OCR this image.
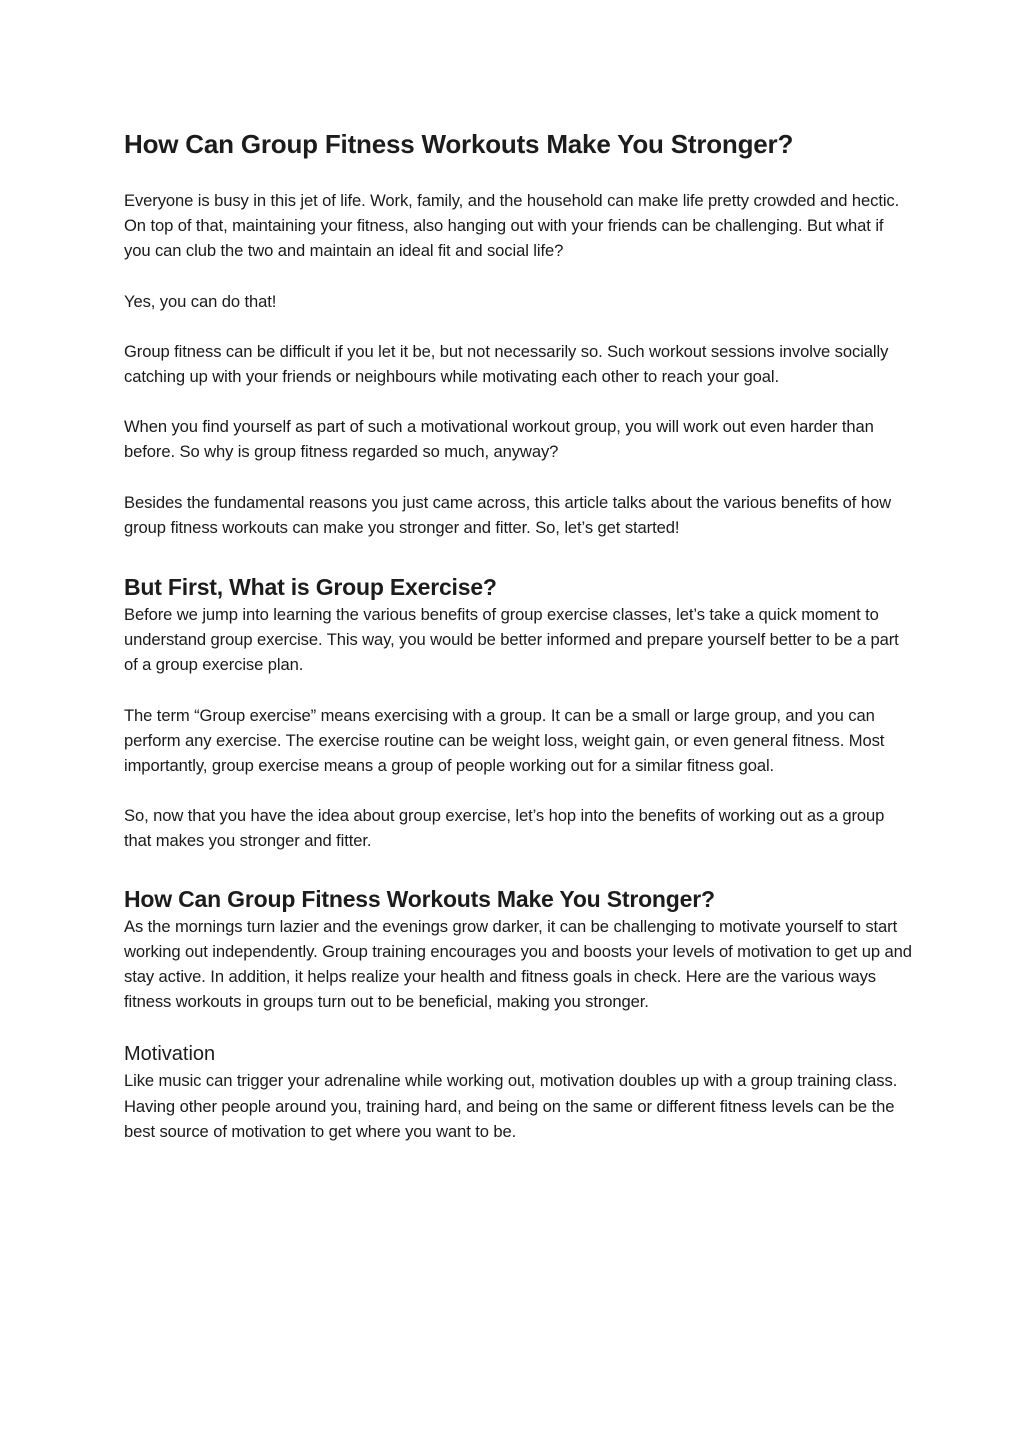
How Can Group Fitness Workouts Make You Stronger?

Everyone is busy in this jet of life. Work, family, and the household can make life pretty crowded and hectic. On top of that, maintaining your fitness, also hanging out with your friends can be challenging. But what if you can club the two and maintain an ideal fit and social life?

Yes, you can do that!

Group fitness can be difficult if you let it be, but not necessarily so. Such workout sessions involve socially catching up with your friends or neighbours while motivating each other to reach your goal.

When you find yourself as part of such a motivational workout group, you will work out even harder than before. So why is group fitness regarded so much, anyway?

Besides the fundamental reasons you just came across, this article talks about the various benefits of how group fitness workouts can make you stronger and fitter. So, let’s get started!

But First, What is Group Exercise?

Before we jump into learning the various benefits of group exercise classes, let’s take a quick moment to understand group exercise. This way, you would be better informed and prepare yourself better to be a part of a group exercise plan.

The term “Group exercise” means exercising with a group. It can be a small or large group, and you can perform any exercise. The exercise routine can be weight loss, weight gain, or even general fitness. Most importantly, group exercise means a group of people working out for a similar fitness goal.

So, now that you have the idea about group exercise, let’s hop into the benefits of working out as a group that makes you stronger and fitter.

How Can Group Fitness Workouts Make You Stronger?

As the mornings turn lazier and the evenings grow darker, it can be challenging to motivate yourself to start working out independently. Group training encourages you and boosts your levels of motivation to get up and stay active. In addition, it helps realize your health and fitness goals in check. Here are the various ways fitness workouts in groups turn out to be beneficial, making you stronger.

Motivation

Like music can trigger your adrenaline while working out, motivation doubles up with a group training class. Having other people around you, training hard, and being on the same or different fitness levels can be the best source of motivation to get where you want to be.
